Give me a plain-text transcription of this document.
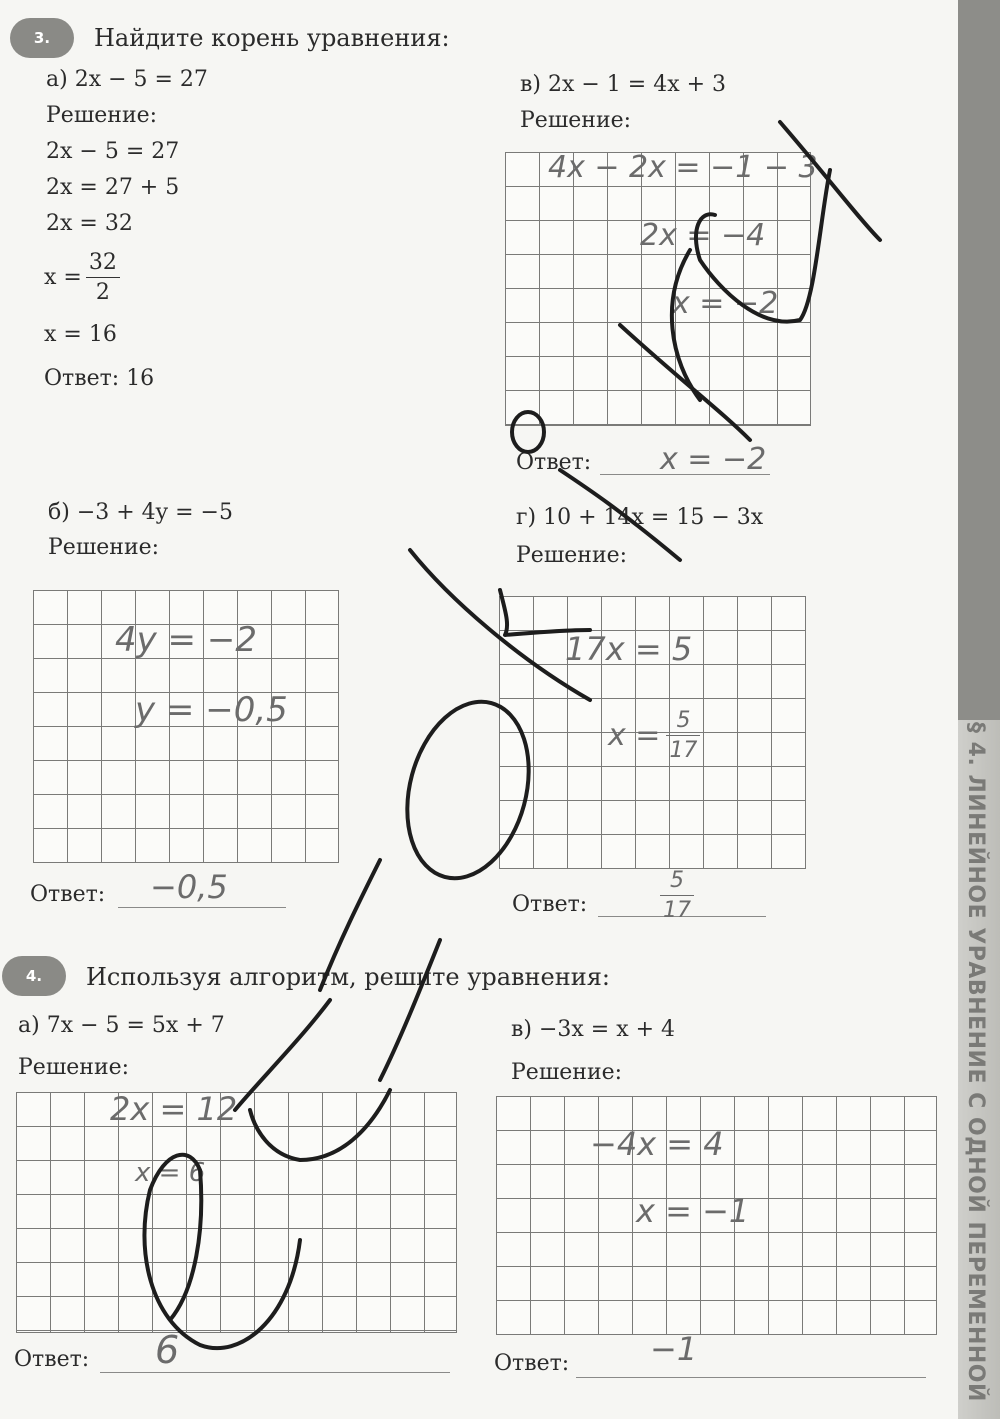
§ 4. ЛИНЕЙНОЕ УРАВНЕНИЕ С ОДНОЙ ПЕРЕМЕННОЙ
3.	Найдите корень уравнения:
а) 2x − 5 = 27
Решение:
2x − 5 = 27
2x = 27 + 5
2x = 32
$x = \frac{32}{2}$
x = 16
Ответ: 16
в) 2x − 1 = 4x + 3
Решение:
4x − 2x = −1 − 3
2x = −4
x = −2
Ответ: x = −2
б) −3 + 4y = −5
Решение:
4y = −2
y = −0,5
Ответ: −0,5
г) 10 + 14x = 15 − 3x
Решение:
17x = 5
$x = \frac{5}{17}$
Ответ:	$\frac{5}{17}$
4.	Используя алгоритм, решите уравнения:
а) 7x − 5 = 5x + 7
Решение:
2x = 12
x = 6
Ответ: 6
в) −3x = x + 4
Решение:
−4x = 4
x = −1
Ответ:	−1
